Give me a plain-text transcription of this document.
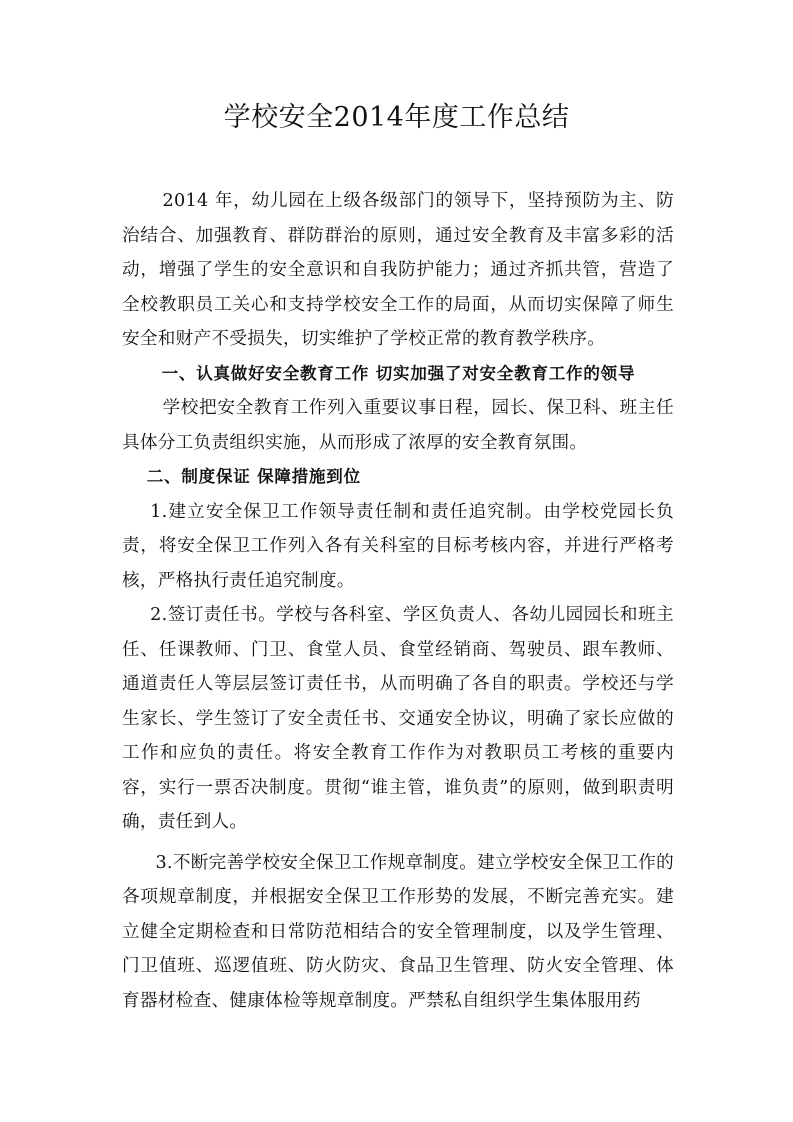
学校安全2014年度工作总结

2014 年，幼儿园在上级各级部门的领导下，坚持预防为主、防治结合、加强教育、群防群治的原则，通过安全教育及丰富多彩的活动，增强了学生的安全意识和自我防护能力；通过齐抓共管，营造了全校教职员工关心和支持学校安全工作的局面，从而切实保障了师生安全和财产不受损失，切实维护了学校正常的教育教学秩序。

一、认真做好安全教育工作 切实加强了对安全教育工作的领导

学校把安全教育工作列入重要议事日程，园长、保卫科、班主任具体分工负责组织实施，从而形成了浓厚的安全教育氛围。

二、制度保证 保障措施到位

1.建立安全保卫工作领导责任制和责任追究制。由学校党园长负责，将安全保卫工作列入各有关科室的目标考核内容，并进行严格考核，严格执行责任追究制度。

2.签订责任书。学校与各科室、学区负责人、各幼儿园园长和班主任、任课教师、门卫、食堂人员、食堂经销商、驾驶员、跟车教师、通道责任人等层层签订责任书，从而明确了各自的职责。学校还与学生家长、学生签订了安全责任书、交通安全协议，明确了家长应做的工作和应负的责任。将安全教育工作作为对教职员工考核的重要内容，实行一票否决制度。贯彻“谁主管，谁负责”的原则，做到职责明确，责任到人。

3.不断完善学校安全保卫工作规章制度。建立学校安全保卫工作的各项规章制度，并根据安全保卫工作形势的发展，不断完善充实。建立健全定期检查和日常防范相结合的安全管理制度，以及学生管理、门卫值班、巡逻值班、防火防灾、食品卫生管理、防火安全管理、体育器材检查、健康体检等规章制度。严禁私自组织学生集体服用药
